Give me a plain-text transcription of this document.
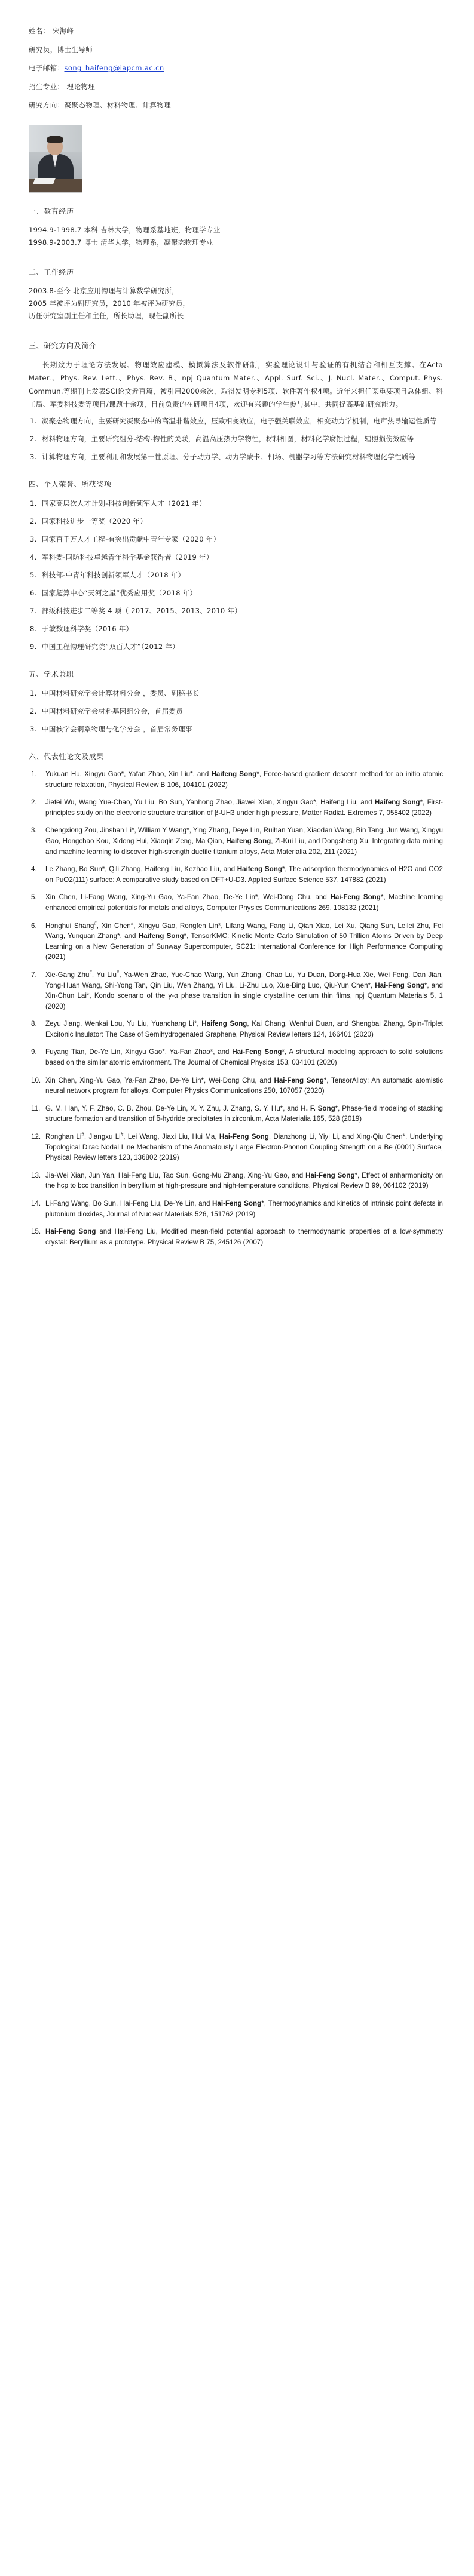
姓名： 宋海峰

研究员，博士生导师

电子邮箱：song_haifeng@iapcm.ac.cn

招生专业： 理论物理

研究方向：凝聚态物理、材料物理、计算物理

一、教育经历

1994.9-1998.7 本科 吉林大学，物理系基地班，物理学专业

1998.9-2003.7 博士 清华大学，物理系，凝聚态物理专业

二、工作经历

2003.8-至今 北京应用物理与计算数学研究所，

2005 年被评为副研究员，2010 年被评为研究员，

历任研究室副主任和主任，所长助理，现任副所长

三、研究方向及简介

长期致力于理论方法发展、物理效应建模、模拟算法及软件研制，实验理论设计与验证的有机结合和相互支撑。在Acta Mater.、Phys. Rev. Lett.、Phys. Rev. B、npj Quantum Mater.、Appl. Surf. Sci.、J. Nucl. Mater.、Comput. Phys. Commun.等期刊上发表SCI论文近百篇，被引用2000余次，取得发明专利5项、软件著作权4项。近年来担任某重要项目总体组、科工局、军委科技委等项目/课题十余项，目前负责的在研项目4项，欢迎有兴趣的学生参与其中，共同提高基础研究能力。

1. 凝聚态物理方向，主要研究凝聚态中的高温非谐效应，压致相变效应，电子强关联效应，相变动力学机制，电声热导输运性质等
2. 材料物理方向，主要研究组分-结构-物性的关联，高温高压热力学物性，材料相图，材料化学腐蚀过程，辐照损伤效应等
3. 计算物理方向，主要利用和发展第一性原理、分子动力学、动力学蒙卡、相场、机器学习等方法研究材料物理化学性质等

四、个人荣誉、所获奖项

1. 国家高层次人才计划-科技创新领军人才（2021 年）
2. 国家科技进步一等奖（2020 年）
3. 国家百千万人才工程-有突出贡献中青年专家（2020 年）
4. 军科委-国防科技卓越青年科学基金获得者（2019 年）
5. 科技部-中青年科技创新领军人才（2018 年）
6. 国家超算中心“天河之星”优秀应用奖（2018 年）
7. 部级科技进步二等奖 4 项（ 2017、2015、2013、2010 年）
8. 于敏数理科学奖（2016 年）
9. 中国工程物理研究院“双百人才”（2012 年）

五、学术兼职

1. 中国材料研究学会计算材料分会 ，委员、副秘书长
2. 中国材料研究学会材料基因组分会，首届委员
3. 中国核学会锕系物理与化学分会 ，首届常务理事

六、代表性论文及成果

1. Yukuan Hu, Xingyu Gao*, Yafan Zhao, Xin Liu*, and Haifeng Song*, Force-based gradient descent method for ab initio atomic structure relaxation, Physical Review B 106, 104101 (2022)
2. Jiefei Wu, Wang Yue-Chao, Yu Liu, Bo Sun, Yanhong Zhao, Jiawei Xian, Xingyu Gao*, Haifeng Liu, and Haifeng Song*, First-principles study on the electronic structure transition of β-UH3 under high pressure, Matter Radiat. Extremes 7, 058402 (2022)
3. Chengxiong Zou, Jinshan Li*, William Y Wang*, Ying Zhang, Deye Lin, Ruihan Yuan, Xiaodan Wang, Bin Tang, Jun Wang, Xingyu Gao, Hongchao Kou, Xidong Hui, Xiaoqin Zeng, Ma Qian, Haifeng Song, Zi-Kui Liu, and Dongsheng Xu, Integrating data mining and machine learning to discover high-strength ductile titanium alloys, Acta Materialia 202, 211 (2021)
4. Le Zhang, Bo Sun*, Qili Zhang, Haifeng Liu, Kezhao Liu, and Haifeng Song*, The adsorption thermodynamics of H2O and CO2 on PuO2(111) surface: A comparative study based on DFT+U-D3. Applied Surface Science 537, 147882 (2021)
5. Xin Chen, Li-Fang Wang, Xing-Yu Gao, Ya-Fan Zhao, De-Ye Lin*, Wei-Dong Chu, and Hai-Feng Song*, Machine learning enhanced empirical potentials for metals and alloys, Computer Physics Communications 269, 108132 (2021)
6. Honghui Shang#, Xin Chen#, Xingyu Gao, Rongfen Lin*, Lifang Wang, Fang Li, Qian Xiao, Lei Xu, Qiang Sun, Leilei Zhu, Fei Wang, Yunquan Zhang*, and Haifeng Song*, TensorKMC: Kinetic Monte Carlo Simulation of 50 Trillion Atoms Driven by Deep Learning on a New Generation of Sunway Supercomputer, SC21: International Conference for High Performance Computing (2021)
7. Xie-Gang Zhu#, Yu Liu#, Ya-Wen Zhao, Yue-Chao Wang, Yun Zhang, Chao Lu, Yu Duan, Dong-Hua Xie, Wei Feng, Dan Jian, Yong-Huan Wang, Shi-Yong Tan, Qin Liu, Wen Zhang, Yi Liu, Li-Zhu Luo, Xue-Bing Luo, Qiu-Yun Chen*, Hai-Feng Song*, and Xin-Chun Lai*, Kondo scenario of the γ-α phase transition in single crystalline cerium thin films, npj Quantum Materials 5, 1 (2020)
8. Zeyu Jiang, Wenkai Lou, Yu Liu, Yuanchang Li*, Haifeng Song, Kai Chang, Wenhui Duan, and Shengbai Zhang, Spin-Triplet Excitonic Insulator: The Case of Semihydrogenated Graphene, Physical Review letters 124, 166401 (2020)
9. Fuyang Tian, De-Ye Lin, Xingyu Gao*, Ya-Fan Zhao*, and Hai-Feng Song*, A structural modeling approach to solid solutions based on the similar atomic environment. The Journal of Chemical Physics 153, 034101 (2020)
10. Xin Chen, Xing-Yu Gao, Ya-Fan Zhao, De-Ye Lin*, Wei-Dong Chu, and Hai-Feng Song*, TensorAlloy: An automatic atomistic neural network program for alloys. Computer Physics Communications 250, 107057 (2020)
11. G. M. Han, Y. F. Zhao, C. B. Zhou, De-Ye Lin, X. Y. Zhu, J. Zhang, S. Y. Hu*, and H. F. Song*, Phase-field modeling of stacking structure formation and transition of δ-hydride precipitates in zirconium, Acta Materialia 165, 528 (2019)
12. Ronghan Li#, Jiangxu Li#, Lei Wang, Jiaxi Liu, Hui Ma, Hai-Feng Song, Dianzhong Li, Yiyi Li, and Xing-Qiu Chen*, Underlying Topological Dirac Nodal Line Mechanism of the Anomalously Large Electron-Phonon Coupling Strength on a Be (0001) Surface, Physical Review letters 123, 136802 (2019)
13. Jia-Wei Xian, Jun Yan, Hai-Feng Liu, Tao Sun, Gong-Mu Zhang, Xing-Yu Gao, and Hai-Feng Song*, Effect of anharmonicity on the hcp to bcc transition in beryllium at high-pressure and high-temperature conditions, Physical Review B 99, 064102 (2019)
14. Li-Fang Wang, Bo Sun, Hai-Feng Liu, De-Ye Lin, and Hai-Feng Song*, Thermodynamics and kinetics of intrinsic point defects in plutonium dioxides, Journal of Nuclear Materials 526, 151762 (2019)
15. Hai-Feng Song and Hai-Feng Liu, Modified mean-field potential approach to thermodynamic properties of a low-symmetry crystal: Beryllium as a prototype. Physical Review B 75, 245126 (2007)
